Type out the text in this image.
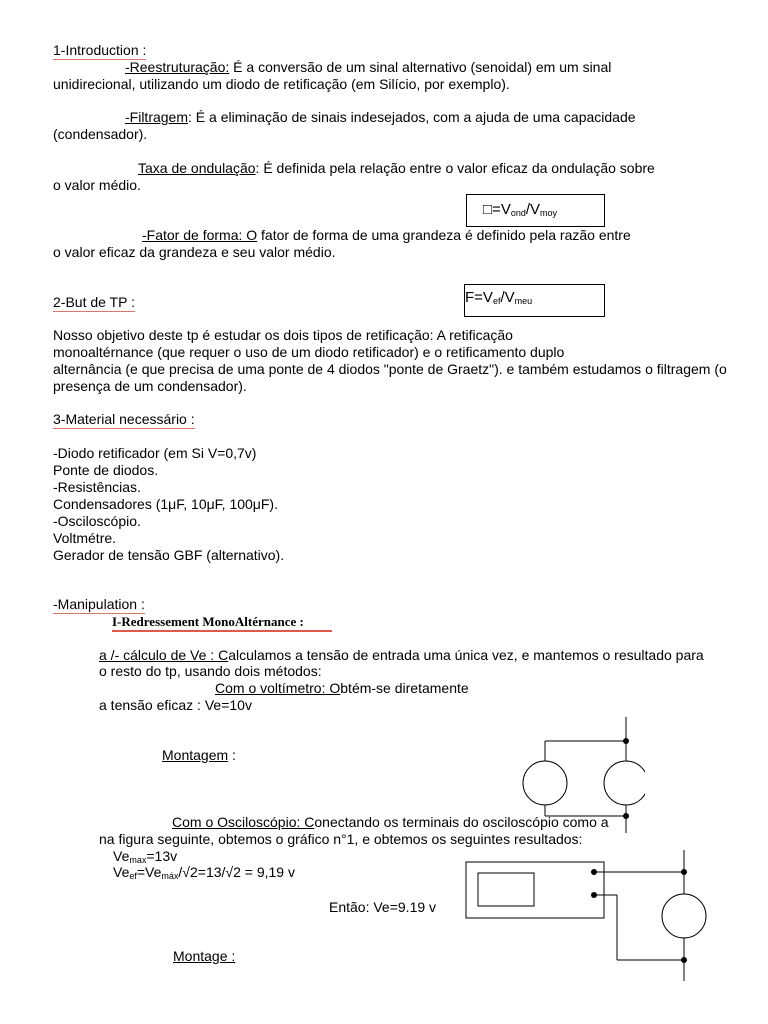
1-Introduction :
-Reestruturação: É a conversão de um sinal alternativo (senoidal) em um sinal
unidirecional, utilizando um diodo de retificação (em Silício, por exemplo).
-Filtragem: É a eliminação de sinais indesejados, com a ajuda de uma capacidade
(condensador).
Taxa de ondulação: É definida pela relação entre o valor eficaz da ondulação sobre
o valor médio.
$□=V_{ond}/V_{moy}$
-Fator de forma: O fator de forma de uma grandeza é definido pela razão entre
o valor eficaz da grandeza e seu valor médio.
2-But de TP :	$F=V_{ef}/V_{meu}$
Nosso objetivo deste tp é estudar os dois tipos de retificação: A retificação
monoaltérnance (que requer o uso de um diodo retificador) e o retificamento duplo
alternância (e que precisa de uma ponte de 4 diodos "ponte de Graetz"). e também estudamos o filtragem (o
presença de um condensador).
3-Material necessário :
-Diodo retificador (em Si V=0,7v)
Ponte de diodos.
-Resistências.
Condensadores (1μF, 10μF, 100μF).
-Osciloscópio.
Voltmétre.
Gerador de tensão GBF (alternativo).
-Manipulation :
I-Redressement MonoAltérnance :
a /- cálculo de Ve : Calculamos a tensão de entrada uma única vez, e mantemos o resultado para
o resto do tp, usando dois métodos:
Com o voltímetro: Obtém-se diretamente
a tensão eficaz : Ve=10v
Montagem :
Com o Osciloscópio: Conectando os terminais do osciloscópio como a
na figura seguinte, obtemos o gráfico n°1, e obtemos os seguintes resultados:
$Ve_{max}=13v$
$Ve_{ef}=Ve_{máx}/√2=13/√2 = 9,19$ v
Então: Ve=9.19 v
Montage :
